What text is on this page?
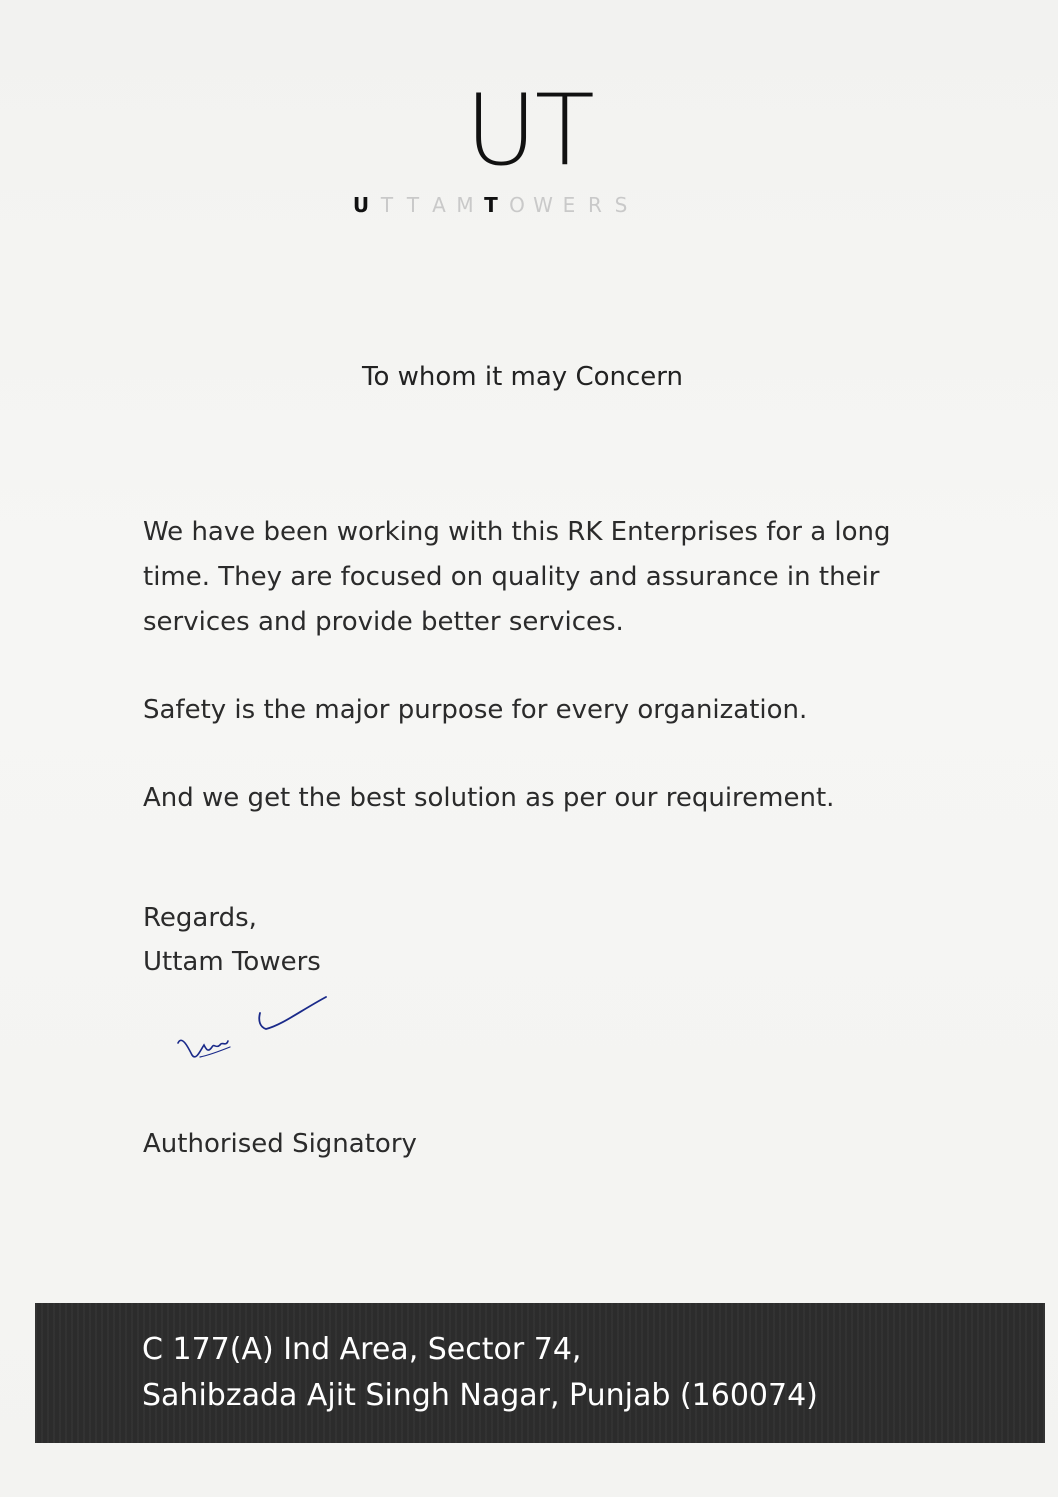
UT
U T T A M T O W E R S
To whom it may Concern

We have been working with this RK Enterprises for a long time. They are focused on quality and assurance in their services and provide better services.

Safety is the major purpose for every organization.

And we get the best solution as per our requirement.

Regards,

Uttam Towers

Authorised Signatory

C 177(A) Ind Area, Sector 74,
Sahibzada Ajit Singh Nagar, Punjab (160074)
